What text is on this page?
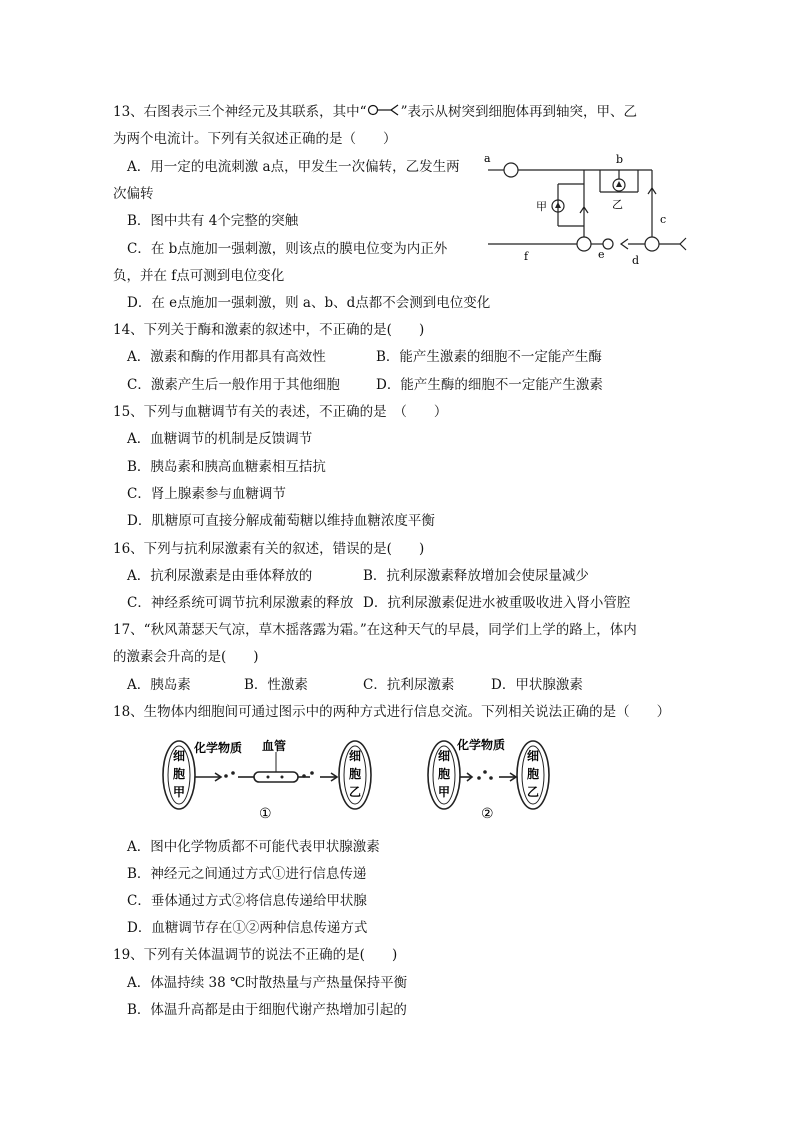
13、右图表示三个神经元及其联系，其中“	”表示从树突到细胞体再到轴突，甲、乙
为两个电流计。下列有关叙述正确的是（　　）
A．用一定的电流刺激 a点，甲发生一次偏转，乙发生两
次偏转
B．图中共有 4个完整的突触
C．在 b点施加一强刺激，则该点的膜电位变为内正外
负，并在 f点可测到电位变化
D．在 e点施加一强刺激，则 a、b、d点都不会测到电位变化
a	b
c
d
e
f
甲	乙
14、下列关于酶和激素的叙述中，不正确的是(　　)
A．激素和酶的作用都具有高效性	B．能产生激素的细胞不一定能产生酶
C．激素产生后一般作用于其他细胞	D．能产生酶的细胞不一定能产生激素
15、下列与血糖调节有关的表述，不正确的是　（　　）
A．血糖调节的机制是反馈调节
B．胰岛素和胰高血糖素相互拮抗
C．肾上腺素参与血糖调节
D．肌糖原可直接分解成葡萄糖以维持血糖浓度平衡
16、下列与抗利尿激素有关的叙述，错误的是(　　)
A．抗利尿激素是由垂体释放的	B．抗利尿激素释放增加会使尿量减少
C．神经系统可调节抗利尿激素的释放 D．抗利尿激素促进水被重吸收进入肾小管腔
17、“秋风萧瑟天气凉，草木摇落露为霜。”在这种天气的早晨，同学们上学的路上，体内
的激素会升高的是(　　)
A．胰岛素	B．性激素	C．抗利尿激素	D．甲状腺激素
18、生物体内细胞间可通过图示中的两种方式进行信息交流。下列相关说法正确的是（　　）
细
胞
甲
细
胞
乙
化学物质 血管
①
细
胞
甲
细
胞
乙
化学物质
②
A．图中化学物质都不可能代表甲状腺激素
B．神经元之间通过方式①进行信息传递
C．垂体通过方式②将信息传递给甲状腺
D．血糖调节存在①②两种信息传递方式
19、下列有关体温调节的说法不正确的是(　　)
A．体温持续 38 ℃时散热量与产热量保持平衡
B．体温升高都是由于细胞代谢产热增加引起的
